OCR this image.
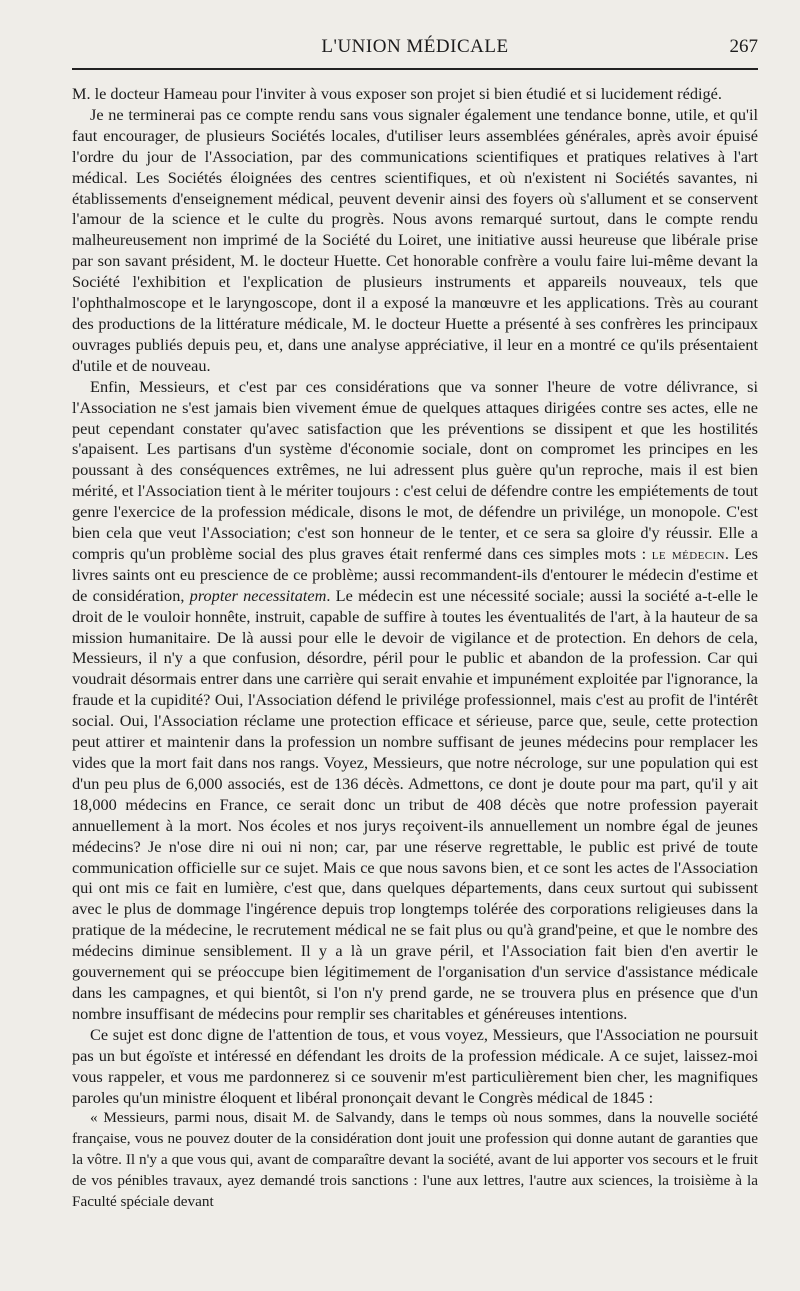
L'UNION MÉDICALE	267

M. le docteur Hameau pour l'inviter à vous exposer son projet si bien étudié et si lucidement rédigé.

Je ne terminerai pas ce compte rendu sans vous signaler également une tendance bonne, utile, et qu'il faut encourager, de plusieurs Sociétés locales, d'utiliser leurs assemblées générales, après avoir épuisé l'ordre du jour de l'Association, par des communications scientifiques et pratiques relatives à l'art médical. Les Sociétés éloignées des centres scientifiques, et où n'existent ni Sociétés savantes, ni établissements d'enseignement médical, peuvent devenir ainsi des foyers où s'allument et se conservent l'amour de la science et le culte du progrès. Nous avons remarqué surtout, dans le compte rendu malheureusement non imprimé de la Société du Loiret, une initiative aussi heureuse que libérale prise par son savant président, M. le docteur Huette. Cet honorable confrère a voulu faire lui-même devant la Société l'exhibition et l'explication de plusieurs instruments et appareils nouveaux, tels que l'ophthalmoscope et le laryngoscope, dont il a exposé la manœuvre et les applications. Très au courant des productions de la littérature médicale, M. le docteur Huette a présenté à ses confrères les principaux ouvrages publiés depuis peu, et, dans une analyse appréciative, il leur en a montré ce qu'ils présentaient d'utile et de nouveau.

Enfin, Messieurs, et c'est par ces considérations que va sonner l'heure de votre délivrance, si l'Association ne s'est jamais bien vivement émue de quelques attaques dirigées contre ses actes, elle ne peut cependant constater qu'avec satisfaction que les préventions se dissipent et que les hostilités s'apaisent. Les partisans d'un système d'économie sociale, dont on compromet les principes en les poussant à des conséquences extrêmes, ne lui adressent plus guère qu'un reproche, mais il est bien mérité, et l'Association tient à le mériter toujours : c'est celui de défendre contre les empiétements de tout genre l'exercice de la profession médicale, disons le mot, de défendre un privilége, un monopole. C'est bien cela que veut l'Association; c'est son honneur de le tenter, et ce sera sa gloire d'y réussir. Elle a compris qu'un problème social des plus graves était renfermé dans ces simples mots : le médecin. Les livres saints ont eu prescience de ce problème; aussi recommandent-ils d'entourer le médecin d'estime et de considération, propter necessitatem. Le médecin est une nécessité sociale; aussi la société a-t-elle le droit de le vouloir honnête, instruit, capable de suffire à toutes les éventualités de l'art, à la hauteur de sa mission humanitaire. De là aussi pour elle le devoir de vigilance et de protection. En dehors de cela, Messieurs, il n'y a que confusion, désordre, péril pour le public et abandon de la profession. Car qui voudrait désormais entrer dans une carrière qui serait envahie et impunément exploitée par l'ignorance, la fraude et la cupidité? Oui, l'Association défend le privilége professionnel, mais c'est au profit de l'intérêt social. Oui, l'Association réclame une protection efficace et sérieuse, parce que, seule, cette protection peut attirer et maintenir dans la profession un nombre suffisant de jeunes médecins pour remplacer les vides que la mort fait dans nos rangs. Voyez, Messieurs, que notre nécrologe, sur une population qui est d'un peu plus de 6,000 associés, est de 136 décès. Admettons, ce dont je doute pour ma part, qu'il y ait 18,000 médecins en France, ce serait donc un tribut de 408 décès que notre profession payerait annuellement à la mort. Nos écoles et nos jurys reçoivent-ils annuellement un nombre égal de jeunes médecins? Je n'ose dire ni oui ni non; car, par une réserve regrettable, le public est privé de toute communication officielle sur ce sujet. Mais ce que nous savons bien, et ce sont les actes de l'Association qui ont mis ce fait en lumière, c'est que, dans quelques départements, dans ceux surtout qui subissent avec le plus de dommage l'ingérence depuis trop longtemps tolérée des corporations religieuses dans la pratique de la médecine, le recrutement médical ne se fait plus ou qu'à grand'peine, et que le nombre des médecins diminue sensiblement. Il y a là un grave péril, et l'Association fait bien d'en avertir le gouvernement qui se préoccupe bien légitimement de l'organisation d'un service d'assistance médicale dans les campagnes, et qui bientôt, si l'on n'y prend garde, ne se trouvera plus en présence que d'un nombre insuffisant de médecins pour remplir ses charitables et généreuses intentions.

Ce sujet est donc digne de l'attention de tous, et vous voyez, Messieurs, que l'Association ne poursuit pas un but égoïste et intéressé en défendant les droits de la profession médicale. A ce sujet, laissez-moi vous rappeler, et vous me pardonnerez si ce souvenir m'est particulièrement bien cher, les magnifiques paroles qu'un ministre éloquent et libéral prononçait devant le Congrès médical de 1845 :

« Messieurs, parmi nous, disait M. de Salvandy, dans le temps où nous sommes, dans la nouvelle société française, vous ne pouvez douter de la considération dont jouit une profession qui donne autant de garanties que la vôtre. Il n'y a que vous qui, avant de comparaître devant la société, avant de lui apporter vos secours et le fruit de vos pénibles travaux, ayez demandé trois sanctions : l'une aux lettres, l'autre aux sciences, la troisième à la Faculté spéciale devant
